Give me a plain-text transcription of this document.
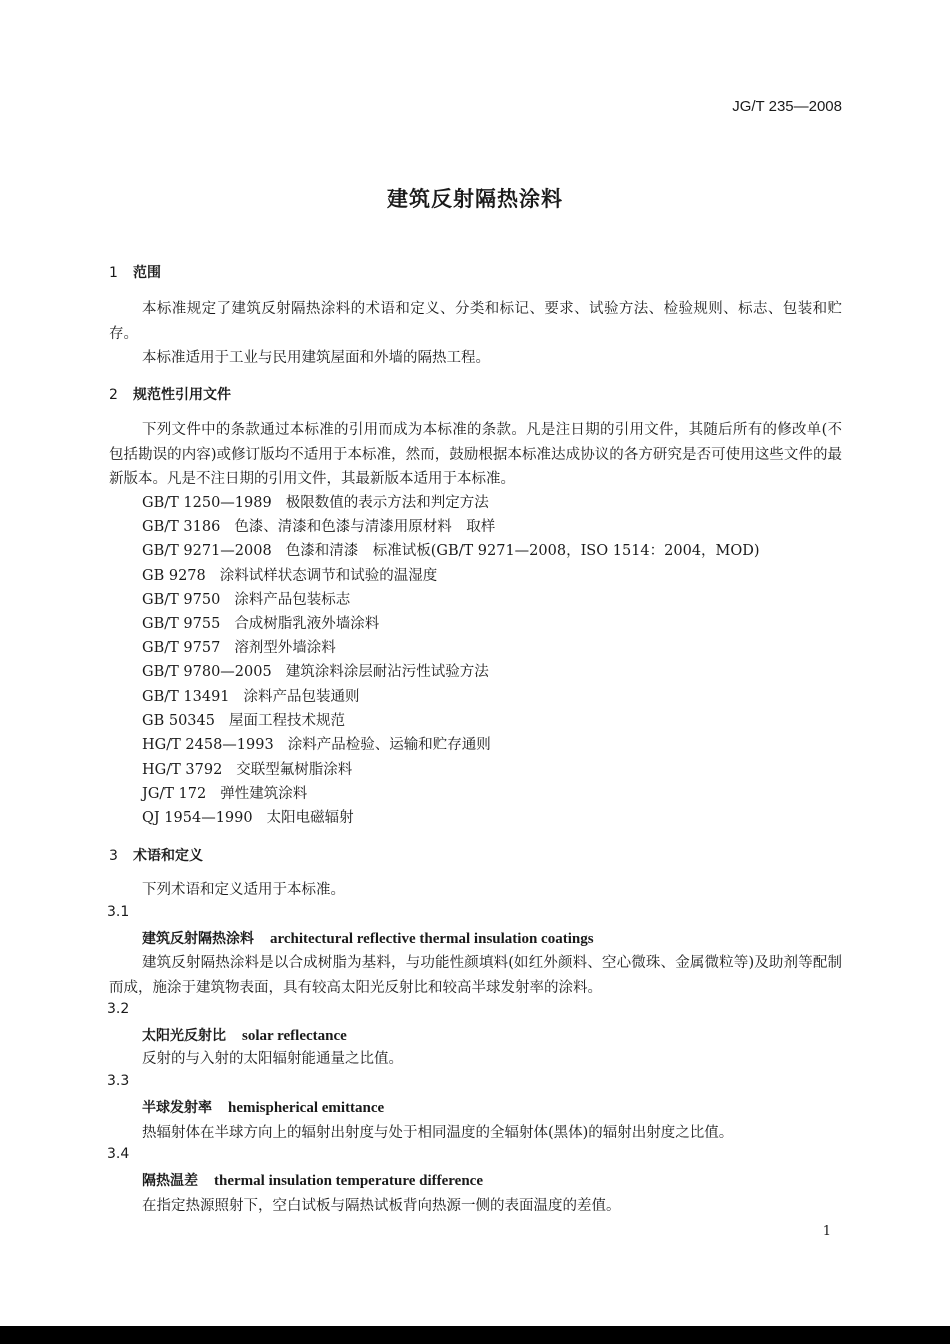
JG/T 235—2008
建筑反射隔热涂料
1 范围
本标准规定了建筑反射隔热涂料的术语和定义、分类和标记、要求、试验方法、检验规则、标志、包装和贮存。
本标准适用于工业与民用建筑屋面和外墙的隔热工程。
2 规范性引用文件
下列文件中的条款通过本标准的引用而成为本标准的条款。凡是注日期的引用文件，其随后所有的修改单(不包括勘误的内容)或修订版均不适用于本标准，然而，鼓励根据本标准达成协议的各方研究是否可使用这些文件的最新版本。凡是不注日期的引用文件，其最新版本适用于本标准。
GB/T 1250—1989 极限数值的表示方法和判定方法
GB/T 3186 色漆、清漆和色漆与清漆用原材料　取样
GB/T 9271—2008 色漆和清漆　标准试板(GB/T 9271—2008，ISO 1514：2004，MOD)
GB 9278 涂料试样状态调节和试验的温湿度
GB/T 9750 涂料产品包装标志
GB/T 9755 合成树脂乳液外墙涂料
GB/T 9757 溶剂型外墙涂料
GB/T 9780—2005 建筑涂料涂层耐沾污性试验方法
GB/T 13491 涂料产品包装通则
GB 50345 屋面工程技术规范
HG/T 2458—1993 涂料产品检验、运输和贮存通则
HG/T 3792 交联型氟树脂涂料
JG/T 172 弹性建筑涂料
QJ 1954—1990 太阳电磁辐射
3 术语和定义
下列术语和定义适用于本标准。
3.1
建筑反射隔热涂料 architectural reflective thermal insulation coatings
建筑反射隔热涂料是以合成树脂为基料，与功能性颜填料(如红外颜料、空心微珠、金属微粒等)及助剂等配制而成，施涂于建筑物表面，具有较高太阳光反射比和较高半球发射率的涂料。
3.2
太阳光反射比 solar reflectance
反射的与入射的太阳辐射能通量之比值。
3.3
半球发射率 hemispherical emittance
热辐射体在半球方向上的辐射出射度与处于相同温度的全辐射体(黑体)的辐射出射度之比值。
3.4
隔热温差 thermal insulation temperature difference
在指定热源照射下，空白试板与隔热试板背向热源一侧的表面温度的差值。
1
